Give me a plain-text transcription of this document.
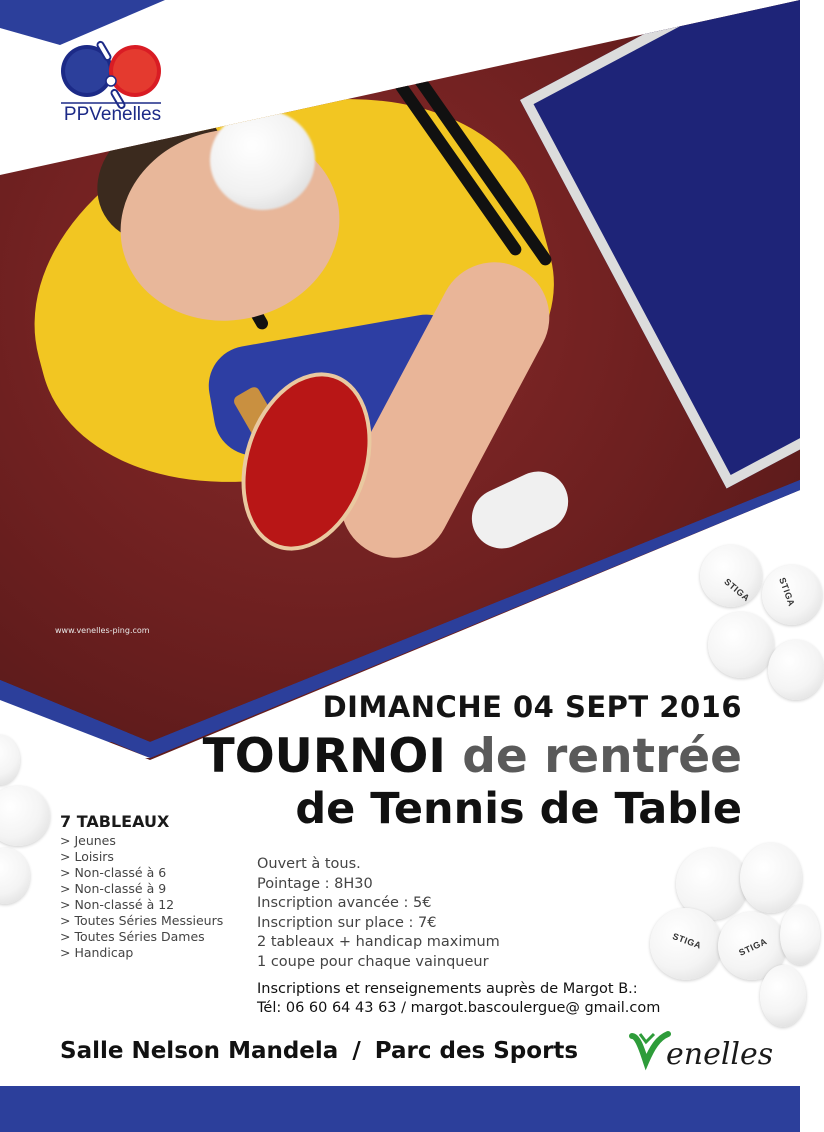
www.venelles-ping.com
PPVenelles
STIGA	STIGA
STIGA	STIGA
DIMANCHE 04 SEPT 2016
TOURNOI de rentrée
de Tennis de Table
7 TABLEAUX
> Jeunes
> Loisirs
> Non-classé à 6
> Non-classé à 9
> Non-classé à 12
> Toutes Séries Messieurs
> Toutes Séries Dames
> Handicap
Ouvert à tous.
Pointage : 8H30
Inscription avancée : 5€
Inscription sur place : 7€
2 tableaux + handicap maximum
1 coupe pour chaque vainqueur
Inscriptions et renseignements auprès de Margot B.:
Tél: 06 60 64 43 63 / margot.bascoulergue@ gmail.com
Salle Nelson Mandela / Parc des Sports	enelles
